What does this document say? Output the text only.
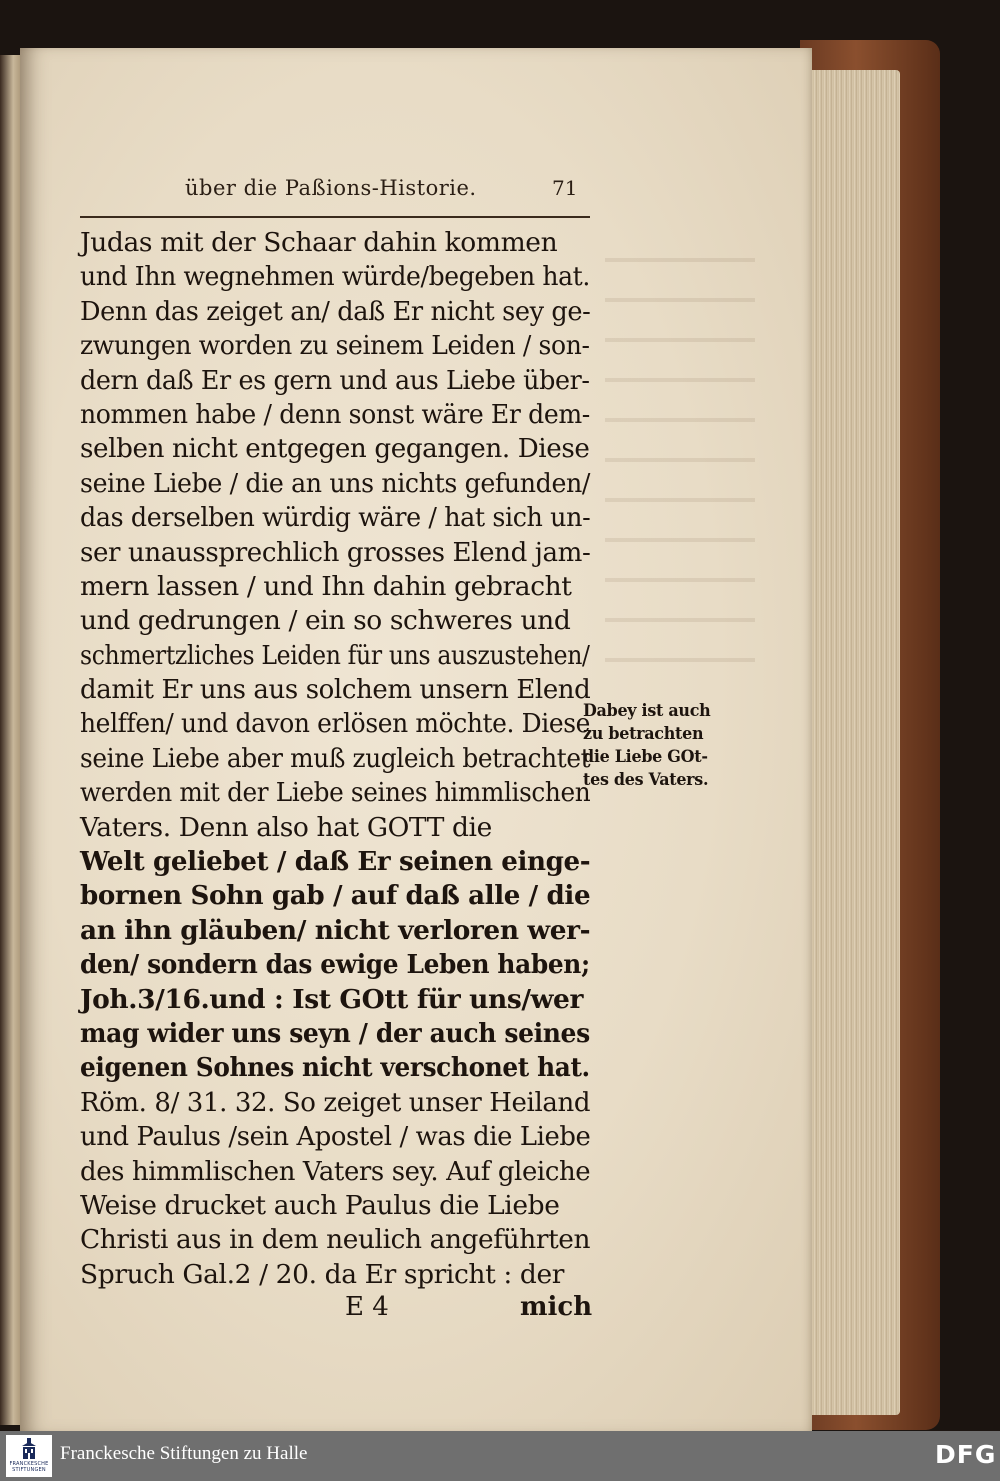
über die Paßions-Historie.	71
Judas mit der Schaar dahin kommen
und Ihn wegnehmen würde/begeben hat.
Denn das zeiget an/ daß Er nicht sey ge-
zwungen worden zu seinem Leiden / son-
dern daß Er es gern und aus Liebe über-
nommen habe / denn sonst wäre Er dem-
selben nicht entgegen gegangen. Diese
seine Liebe / die an uns nichts gefunden/
das derselben würdig wäre / hat sich un-
ser unaussprechlich grosses Elend jam-
mern lassen / und Ihn dahin gebracht
und gedrungen / ein so schweres und
schmertzliches Leiden für uns auszustehen/
damit Er uns aus solchem unsern Elend
helffen/ und davon erlösen möchte. Diese
seine Liebe aber muß zugleich betrachtet
werden mit der Liebe seines himmlischen
Vaters. Denn also hat GOTT die
Welt geliebet / daß Er seinen einge-
bornen Sohn gab / auf daß alle / die
an ihn gläuben/ nicht verloren wer-
den/ sondern das ewige Leben haben;
Joh.3/16.und : Ist GOtt für uns/wer
mag wider uns seyn / der auch seines
eigenen Sohnes nicht verschonet hat.
Röm. 8/ 31. 32. So zeiget unser Heiland
und Paulus /sein Apostel / was die Liebe
des himmlischen Vaters sey. Auf gleiche
Weise drucket auch Paulus die Liebe
Christi aus in dem neulich angeführten
Spruch Gal.2 / 20. da Er spricht : der
E 4	mich
Dabey ist auch
zu betrachten
die Liebe GOt-
tes des Vaters.
FRANCKESCHE STIFTUNGEN
Franckesche Stiftungen zu Halle	DFG
